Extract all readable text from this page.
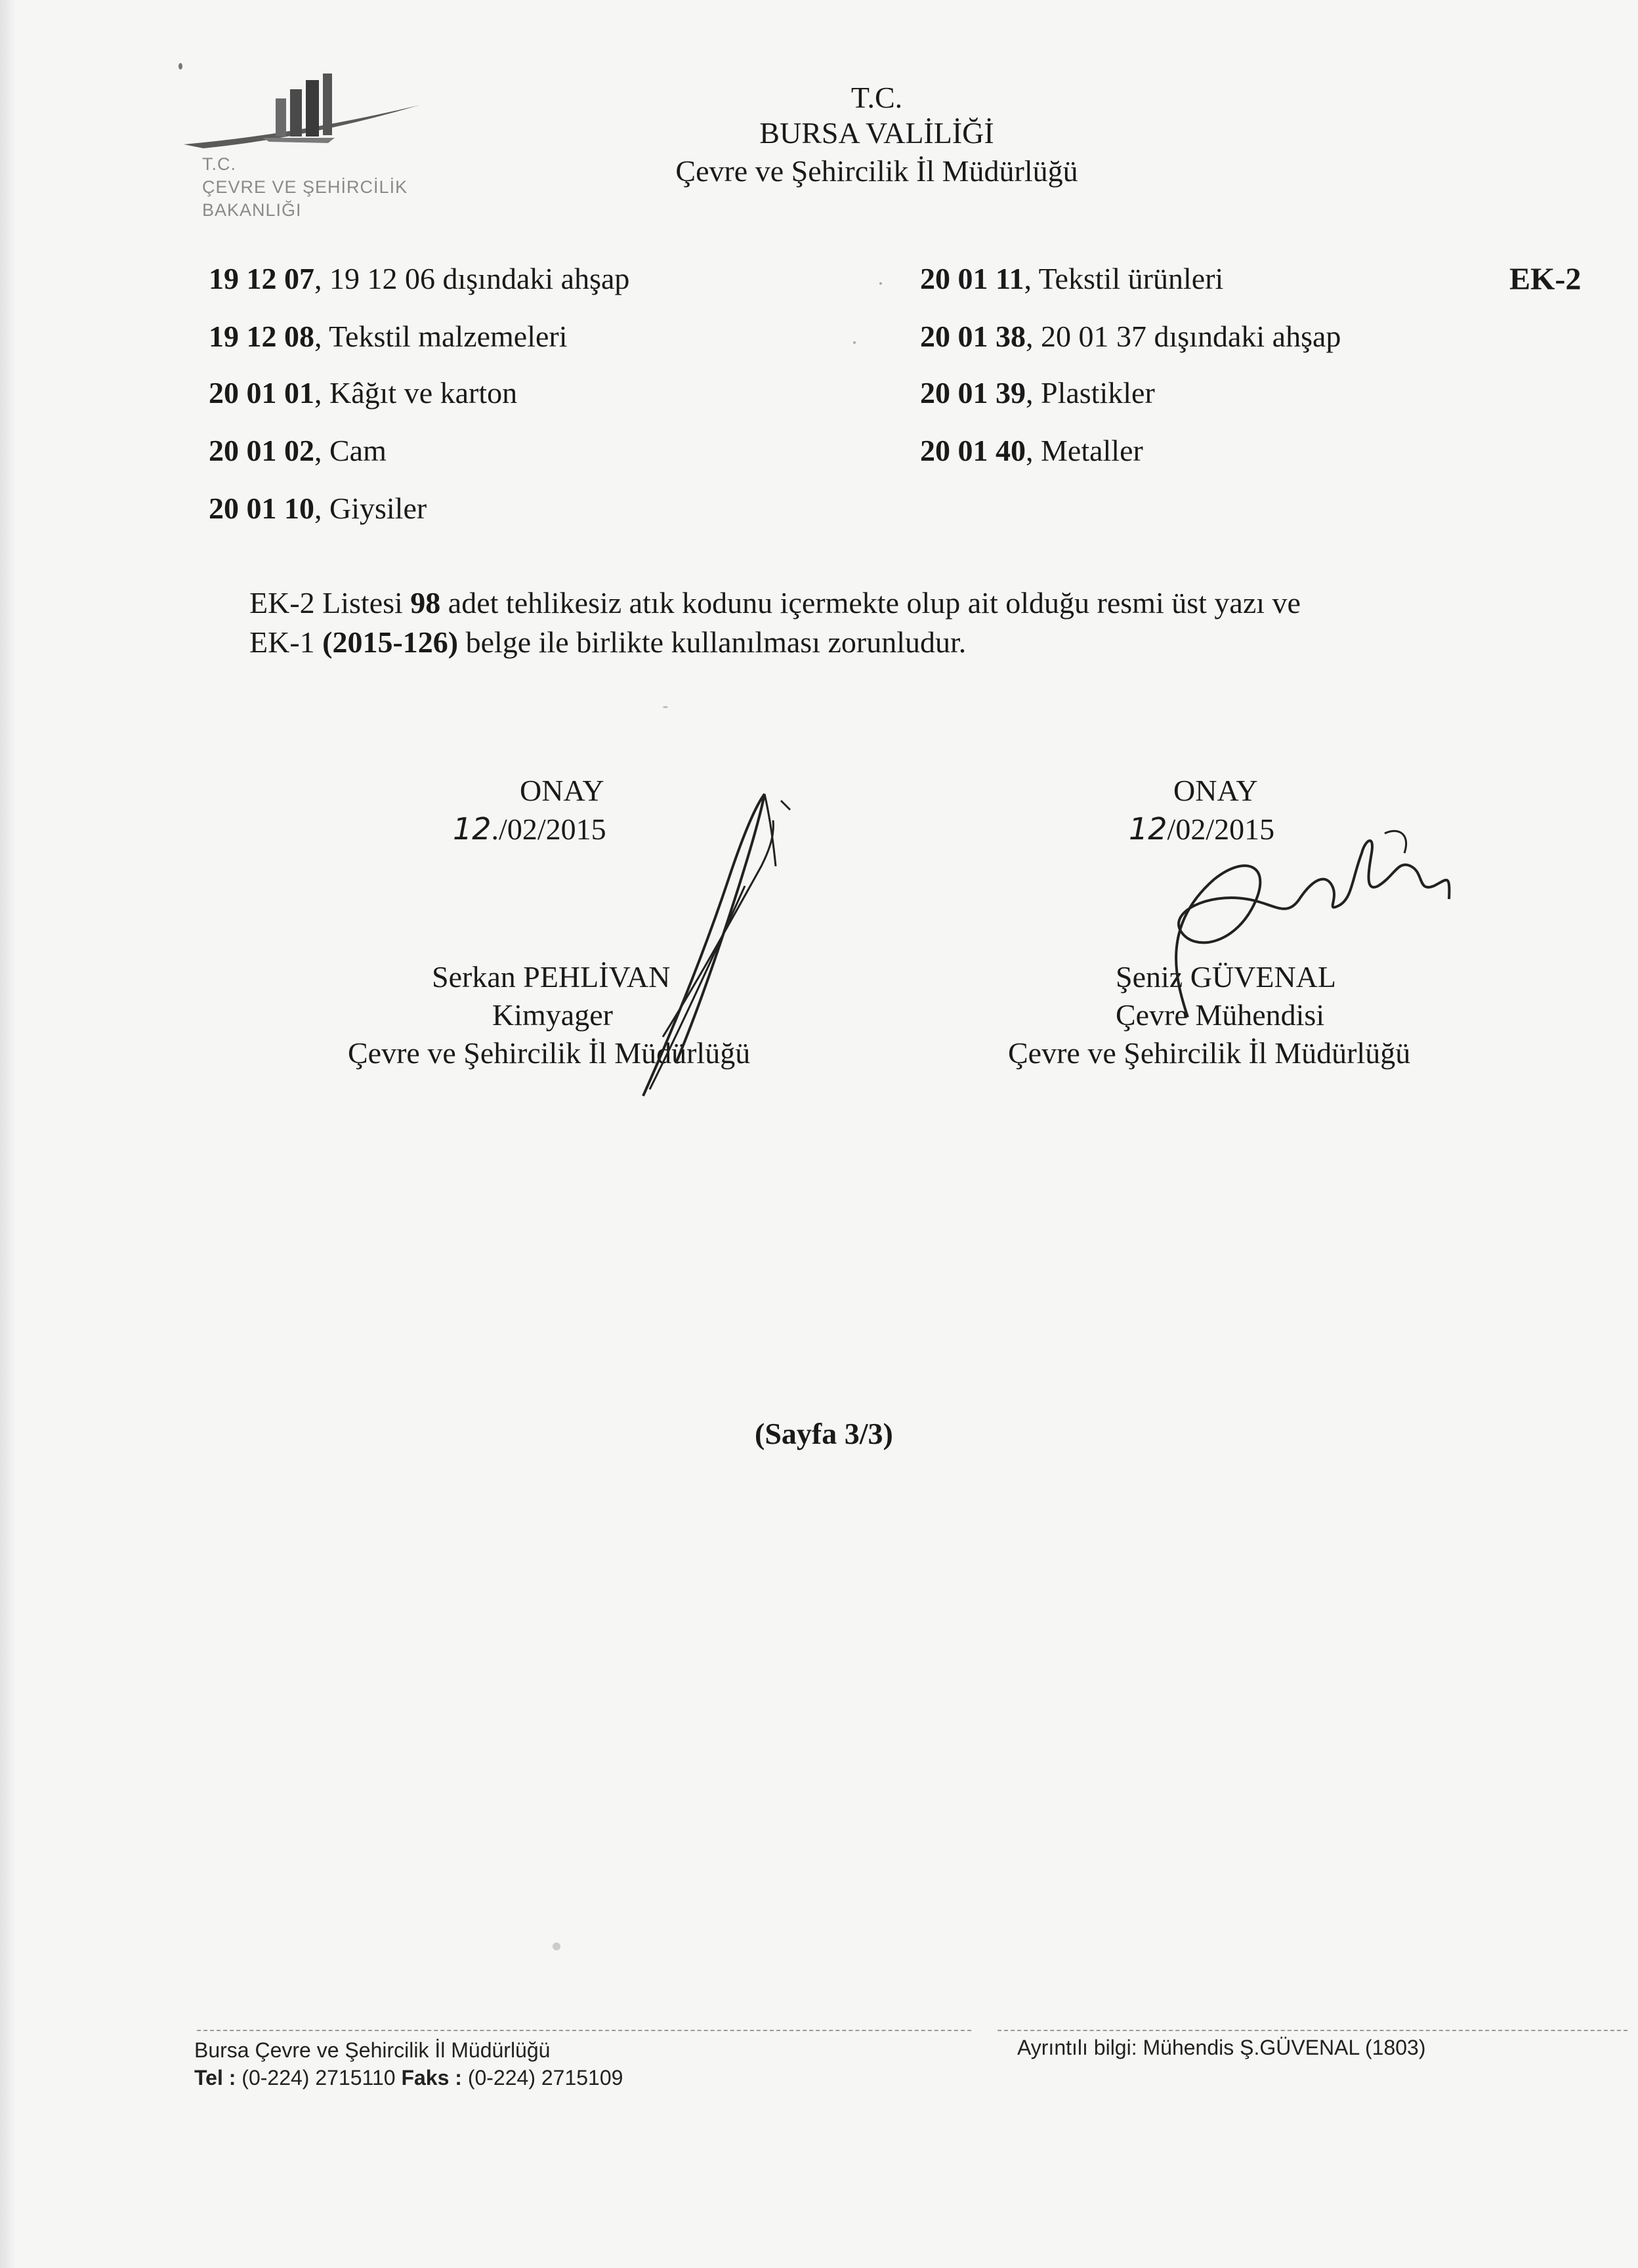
T.C.
ÇEVRE VE ŞEHİRCİLİK
BAKANLIĞI
T.C.
BURSA VALİLİĞİ
Çevre ve Şehircilik İl Müdürlüğü
EK-2
19 12 07, 19 12 06 dışındaki ahşap
19 12 08, Tekstil malzemeleri
20 01 01, Kâğıt ve karton
20 01 02, Cam
20 01 10, Giysiler
20 01 11, Tekstil ürünleri
20 01 38, 20 01 37 dışındaki ahşap
20 01 39, Plastikler
20 01 40, Metaller
EK-2 Listesi 98 adet tehlikesiz atık kodunu içermekte olup ait olduğu resmi üst yazı ve
EK-1 (2015-126) belge ile birlikte kullanılması zorunludur.
ONAY
12./02/2015
Serkan PEHLİVAN
Kimyager
Çevre ve Şehircilik İl Müdürlüğü
ONAY
12/02/2015
Şeniz GÜVENAL
Çevre Mühendisi
Çevre ve Şehircilik İl Müdürlüğü
(Sayfa 3/3)
Bursa Çevre ve Şehircilik İl Müdürlüğü
Tel : (0-224) 2715110 Faks : (0-224) 2715109
Ayrıntılı bilgi: Mühendis Ş.GÜVENAL (1803)
